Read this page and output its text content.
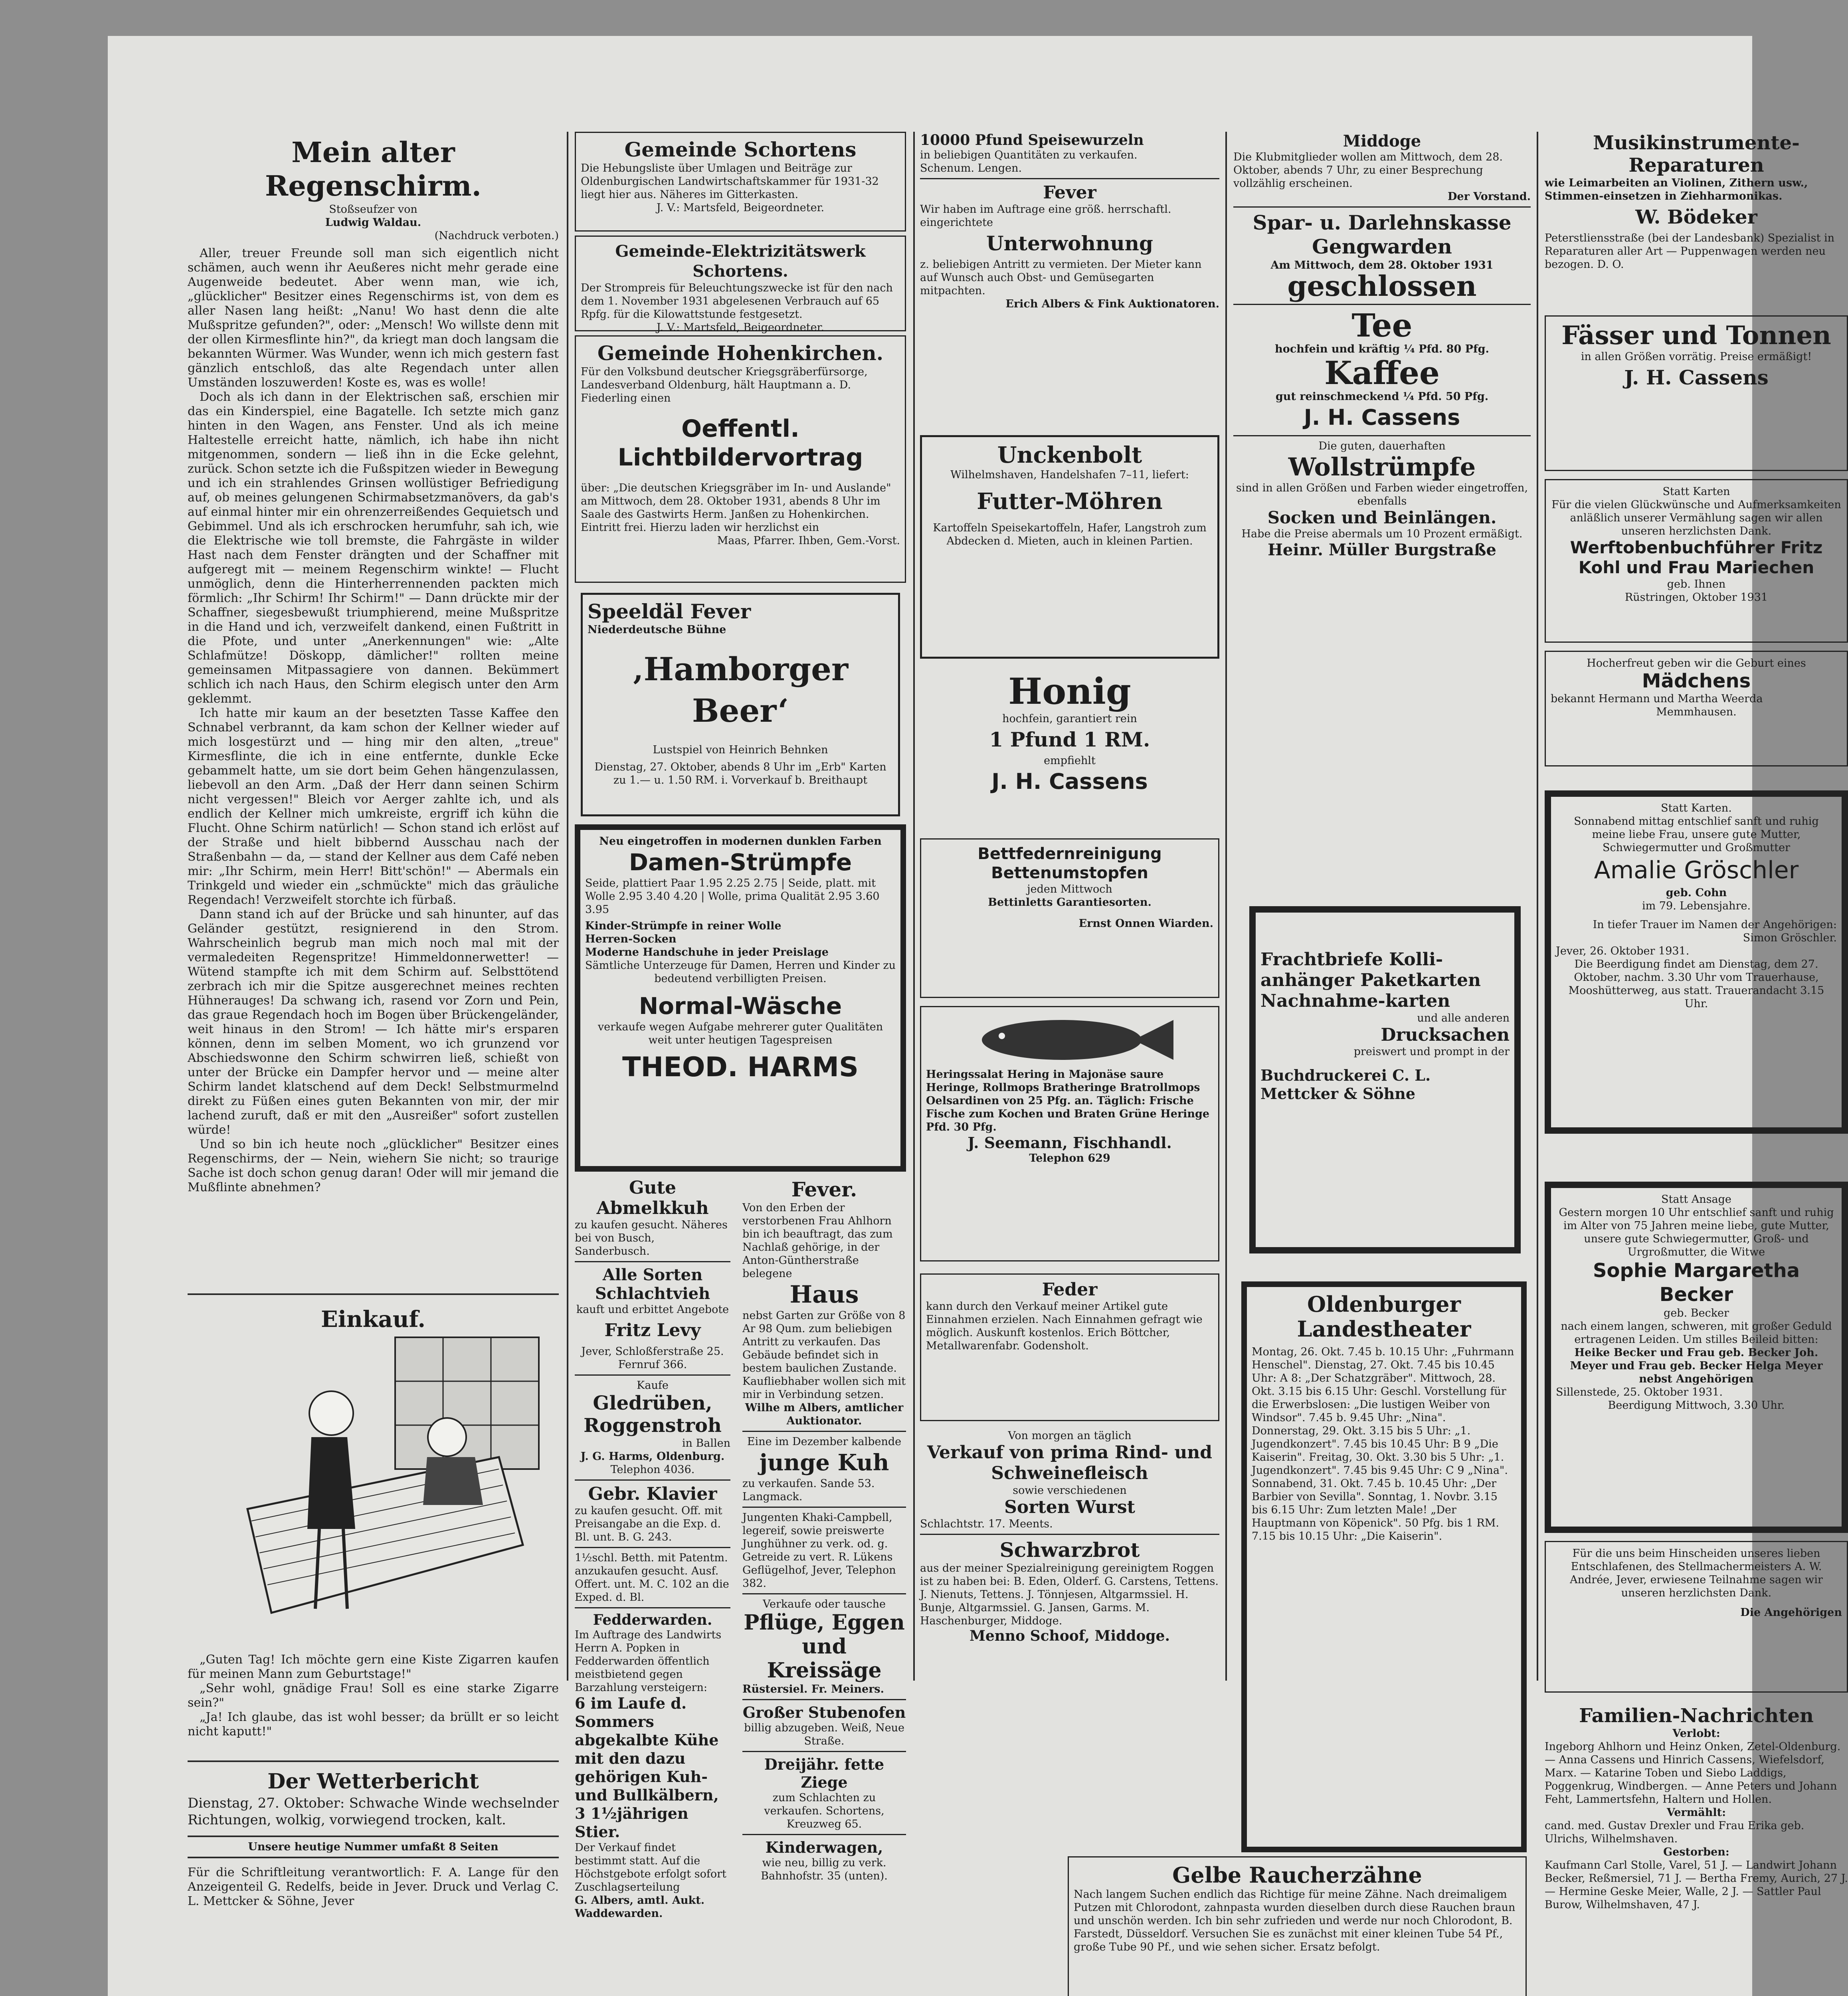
Mein alter Regenschirm.

Stoßseufzer von

Ludwig Waldau.

(Nachdruck verboten.)

Aller, treuer Freunde soll man sich eigentlich nicht schämen, auch wenn ihr Aeußeres nicht mehr gerade eine Augenweide bedeutet. Aber wenn man, wie ich, „glücklicher" Besitzer eines Regenschirms ist, von dem es aller Nasen lang heißt: „Nanu! Wo hast denn die alte Mußspritze gefunden?", oder: „Mensch! Wo willste denn mit der ollen Kirmesflinte hin?", da kriegt man doch langsam die bekannten Würmer. Was Wunder, wenn ich mich gestern fast gänzlich entschloß, das alte Regendach unter allen Umständen loszuwerden! Koste es, was es wolle!

Doch als ich dann in der Elektrischen saß, erschien mir das ein Kinderspiel, eine Bagatelle. Ich setzte mich ganz hinten in den Wagen, ans Fenster. Und als ich meine Haltestelle erreicht hatte, nämlich, ich habe ihn nicht mitgenommen, sondern — ließ ihn in die Ecke gelehnt, zurück. Schon setzte ich die Fußspitzen wieder in Bewegung und ich ein strahlendes Grinsen wollüstiger Befriedigung auf, ob meines gelungenen Schirmabsetzmanövers, da gab's auf einmal hinter mir ein ohrenzerreißendes Gequietsch und Gebimmel. Und als ich erschrocken herumfuhr, sah ich, wie die Elektrische wie toll bremste, die Fahrgäste in wilder Hast nach dem Fenster drängten und der Schaffner mit aufgeregt mit — meinem Regenschirm winkte! — Flucht unmöglich, denn die Hinterherrennenden packten mich förmlich: „Ihr Schirm! Ihr Schirm!" — Dann drückte mir der Schaffner, siegesbewußt triumphierend, meine Mußspritze in die Hand und ich, verzweifelt dankend, einen Fußtritt in die Pfote, und unter „Anerkennungen" wie: „Alte Schlafmütze! Döskopp, dämlicher!" rollten meine gemeinsamen Mitpassagiere von dannen. Bekümmert schlich ich nach Haus, den Schirm elegisch unter den Arm geklemmt.

Ich hatte mir kaum an der besetzten Tasse Kaffee den Schnabel verbrannt, da kam schon der Kellner wieder auf mich losgestürzt und — hing mir den alten, „treue" Kirmesflinte, die ich in eine entfernte, dunkle Ecke gebammelt hatte, um sie dort beim Gehen hängenzulassen, liebevoll an den Arm. „Daß der Herr dann seinen Schirm nicht vergessen!" Bleich vor Aerger zahlte ich, und als endlich der Kellner mich umkreiste, ergriff ich kühn die Flucht. Ohne Schirm natürlich! — Schon stand ich erlöst auf der Straße und hielt bibbernd Ausschau nach der Straßenbahn — da, — stand der Kellner aus dem Café neben mir: „Ihr Schirm, mein Herr! Bitt'schön!" — Abermals ein Trinkgeld und wieder ein „schmückte" mich das gräuliche Regendach! Verzweifelt storchte ich fürbaß.

Dann stand ich auf der Brücke und sah hinunter, auf das Geländer gestützt, resignierend in den Strom. Wahrscheinlich begrub man mich noch mal mit der vermaledeiten Regenspritze! Himmeldonnerwetter! — Wütend stampfte ich mit dem Schirm auf. Selbsttötend zerbrach ich mir die Spitze ausgerechnet meines rechten Hühnerauges! Da schwang ich, rasend vor Zorn und Pein, das graue Regendach hoch im Bogen über Brückengeländer, weit hinaus in den Strom! — Ich hätte mir's ersparen können, denn im selben Moment, wo ich grunzend vor Abschiedswonne den Schirm schwirren ließ, schießt von unter der Brücke ein Dampfer hervor und — meine alter Schirm landet klatschend auf dem Deck! Selbstmurmelnd direkt zu Füßen eines guten Bekannten von mir, der mir lachend zuruft, daß er mit den „Ausreißer" sofort zustellen würde!

Und so bin ich heute noch „glücklicher" Besitzer eines Regenschirms, der — Nein, wiehern Sie nicht; so traurige Sache ist doch schon genug daran! Oder will mir jemand die Mußflinte abnehmen?

Einkauf.

„Guten Tag! Ich möchte gern eine Kiste Zigarren kaufen für meinen Mann zum Geburtstage!"

„Sehr wohl, gnädige Frau! Soll es eine starke Zigarre sein?"

„Ja! Ich glaube, das ist wohl besser; da brüllt er so leicht nicht kaputt!"

Der Wetterbericht

Dienstag, 27. Oktober: Schwache Winde wechselnder Richtungen, wolkig, vorwiegend trocken, kalt.

Unsere heutige Nummer umfaßt 8 Seiten

Für die Schriftleitung verantwortlich: F. A. Lange für den Anzeigenteil G. Redelfs, beide in Jever. Druck und Verlag C. L. Mettcker & Söhne, Jever

Gemeinde Schortens

Die Hebungsliste über Umlagen und Beiträge zur Oldenburgischen Landwirtschaftskammer für 1931-32 liegt hier aus. Näheres im Gitterkasten.

J. V.: Martsfeld, Beigeordneter.

Gemeinde-Elektrizitätswerk Schortens.

Der Strompreis für Beleuchtungszwecke ist für den nach dem 1. November 1931 abgelesenen Verbrauch auf 65 Rpfg. für die Kilowattstunde festgesetzt.

J. V.: Martsfeld, Beigeordneter.

Gemeinde Hohenkirchen.

Für den Volksbund deutscher Kriegsgräberfürsorge, Landesverband Oldenburg, hält Hauptmann a. D. Fiederling einen

Oeffentl. Lichtbildervortrag

über: „Die deutschen Kriegsgräber im In- und Auslande" am Mittwoch, dem 28. Oktober 1931, abends 8 Uhr im Saale des Gastwirts Herm. Janßen zu Hohenkirchen. Eintritt frei. Hierzu laden wir herzlichst ein

Maas, Pfarrer. Ihben, Gem.-Vorst.

Speeldäl Fever

Niederdeutsche Bühne

‚Hamborger Beer‘

Lustspiel von Heinrich Behnken

Dienstag, 27. Oktober, abends 8 Uhr im „Erb" Karten zu 1.— u. 1.50 RM. i. Vorverkauf b. Breithaupt

Neu eingetroffen in modernen dunklen Farben

Damen-Strümpfe

Seide, plattiert Paar 1.95 2.25 2.75 | Seide, platt. mit Wolle 2.95 3.40 4.20 | Wolle, prima Qualität 2.95 3.60 3.95

Kinder-Strümpfe in reiner Wolle
Herren-Socken
Moderne Handschuhe in jeder Preislage

Sämtliche Unterzeuge für Damen, Herren und Kinder zu bedeutend verbilligten Preisen.

Normal-Wäsche

verkaufe wegen Aufgabe mehrerer guter Qualitäten weit unter heutigen Tagespreisen

THEOD. HARMS

Gute Abmelkkuh

zu kaufen gesucht. Näheres bei von Busch, Sanderbusch.

Alle Sorten Schlachtvieh

kauft und erbittet Angebote

Fritz Levy

Jever, Schloßferstraße 25. Fernruf 366.

Kaufe

Gledrüben, Roggenstroh

in Ballen

J. G. Harms, Oldenburg.

Telephon 4036.

Gebr. Klavier

zu kaufen gesucht. Off. mit Preisangabe an die Exp. d. Bl. unt. B. G. 243.

1½schl. Betth. mit Patentm. anzukaufen gesucht. Ausf. Offert. unt. M. C. 102 an die Exped. d. Bl.

Fedderwarden.

Im Auftrage des Landwirts Herrn A. Popken in Fedderwarden öffentlich meistbietend gegen Barzahlung versteigern:

6 im Laufe d. Sommers abgekalbte Kühe mit den dazu gehörigen Kuh- und Bullkälbern, 3 1½jährigen Stier.

Der Verkauf findet bestimmt statt. Auf die Höchstgebote erfolgt sofort Zuschlagserteilung

G. Albers, amtl. Aukt. Waddewarden.

Fever.

Von den Erben der verstorbenen Frau Ahlhorn bin ich beauftragt, das zum Nachlaß gehörige, in der Anton-Güntherstraße belegene

Haus

nebst Garten zur Größe von 8 Ar 98 Qum. zum beliebigen Antritt zu verkaufen. Das Gebäude befindet sich in bestem baulichen Zustande. Kaufliebhaber wollen sich mit mir in Verbindung setzen.

Wilhe m Albers, amtlicher Auktionator.

Eine im Dezember kalbende

junge Kuh

zu verkaufen. Sande 53. Langmack.

Jungenten Khaki-Campbell, legereif, sowie preiswerte Junghühner zu verk. od. g. Getreide zu vert. R. Lükens Geflügelhof, Jever, Telephon 382.

Verkaufe oder tausche

Pflüge, Eggen und Kreissäge

Rüstersiel. Fr. Meiners.

Großer Stubenofen

billig abzugeben. Weiß, Neue Straße.

Dreijähr. fette Ziege

zum Schlachten zu verkaufen. Schortens, Kreuzweg 65.

Kinderwagen,

wie neu, billig zu verk. Bahnhofstr. 35 (unten).

10000 Pfund Speisewurzeln

in beliebigen Quantitäten zu verkaufen.

Schenum. Lengen.

Fever

Wir haben im Auftrage eine größ. herrschaftl. eingerichtete

Unterwohnung

z. beliebigen Antritt zu vermieten. Der Mieter kann auf Wunsch auch Obst- und Gemüsegarten mitpachten.

Erich Albers & Fink Auktionatoren.

Unckenbolt

Wilhelmshaven, Handelshafen 7–11, liefert:

Futter-Möhren

Kartoffeln Speisekartoffeln, Hafer, Langstroh zum Abdecken d. Mieten, auch in kleinen Partien.

Honig

hochfein, garantiert rein

1 Pfund 1 RM.

empfiehlt

J. H. Cassens

Bettfedernreinigung Bettenumstopfen

jeden Mittwoch

Bettinletts Garantiesorten.

Ernst Onnen Wiarden.

Heringssalat Hering in Majonäse saure Heringe, Rollmops Bratheringe Bratrollmops Oelsardinen von 25 Pfg. an. Täglich: Frische Fische zum Kochen und Braten Grüne Heringe Pfd. 30 Pfg.

J. Seemann, Fischhandl.

Telephon 629

Feder

kann durch den Verkauf meiner Artikel gute Einnahmen erzielen. Nach Einnahmen gefragt wie möglich. Auskunft kostenlos. Erich Böttcher, Metallwarenfabr. Godensholt.

Von morgen an täglich

Verkauf von prima Rind- und Schweinefleisch

sowie verschiedenen

Sorten Wurst

Schlachtstr. 17. Meents.

Schwarzbrot

aus der meiner Spezialreinigung gereinigtem Roggen ist zu haben bei: B. Eden, Olderf. G. Carstens, Tettens. J. Nienuts, Tettens. J. Tönnjesen, Altgarmssiel. H. Bunje, Altgarmssiel. G. Jansen, Garms. M. Haschenburger, Middoge.

Menno Schoof, Middoge.

Middoge

Die Klubmitglieder wollen am Mittwoch, dem 28. Oktober, abends 7 Uhr, zu einer Besprechung vollzählig erscheinen.

Der Vorstand.

Spar- u. Darlehnskasse Gengwarden

Am Mittwoch, dem 28. Oktober 1931

geschlossen

Tee

hochfein und kräftig ¼ Pfd. 80 Pfg.

Kaffee

gut reinschmeckend ¼ Pfd. 50 Pfg.

J. H. Cassens

Die guten, dauerhaften

Wollstrümpfe

sind in allen Größen und Farben wieder eingetroffen, ebenfalls

Socken und Beinlängen.

Habe die Preise abermals um 10 Prozent ermäßigt.

Heinr. Müller Burgstraße

Frachtbriefe Kolli-anhänger Paketkarten Nachnahme-karten

und alle anderen

Drucksachen

preiswert und prompt in der

Buchdruckerei C. L. Mettcker & Söhne

Oldenburger Landestheater

Montag, 26. Okt. 7.45 b. 10.15 Uhr: „Fuhrmann Henschel". Dienstag, 27. Okt. 7.45 bis 10.45 Uhr: A 8: „Der Schatzgräber". Mittwoch, 28. Okt. 3.15 bis 6.15 Uhr: Geschl. Vorstellung für die Erwerbslosen: „Die lustigen Weiber von Windsor". 7.45 b. 9.45 Uhr: „Nina". Donnerstag, 29. Okt. 3.15 bis 5 Uhr: „1. Jugendkonzert". 7.45 bis 10.45 Uhr: B 9 „Die Kaiserin". Freitag, 30. Okt. 3.30 bis 5 Uhr: „1. Jugendkonzert". 7.45 bis 9.45 Uhr: C 9 „Nina". Sonnabend, 31. Okt. 7.45 b. 10.45 Uhr: „Der Barbier von Sevilla". Sonntag, 1. Novbr. 3.15 bis 6.15 Uhr: Zum letzten Male! „Der Hauptmann von Köpenick". 50 Pfg. bis 1 RM. 7.15 bis 10.15 Uhr: „Die Kaiserin".

Musikinstrumente-Reparaturen

wie Leimarbeiten an Violinen, Zithern usw., Stimmen-einsetzen in Ziehharmonikas.

W. Bödeker

Peterstliensstraße (bei der Landesbank) Spezialist in Reparaturen aller Art — Puppenwagen werden neu bezogen. D. O.

Fässer und Tonnen

in allen Größen vorrätig. Preise ermäßigt!

J. H. Cassens

Statt Karten

Für die vielen Glückwünsche und Aufmerksamkeiten anläßlich unserer Vermählung sagen wir allen unseren herzlichsten Dank.

Werftobenbuchführer Fritz Kohl und Frau Mariechen

geb. Ihnen

Rüstringen, Oktober 1931

Hocherfreut geben wir die Geburt eines

Mädchens

bekannt Hermann und Martha Weerda

Memmhausen.

Statt Karten.

Sonnabend mittag entschlief sanft und ruhig meine liebe Frau, unsere gute Mutter, Schwiegermutter und Großmutter

Amalie Gröschler

geb. Cohn

im 79. Lebensjahre.

In tiefer Trauer im Namen der Angehörigen: Simon Gröschler.

Jever, 26. Oktober 1931.

Die Beerdigung findet am Dienstag, dem 27. Oktober, nachm. 3.30 Uhr vom Trauerhause, Mooshütterweg, aus statt. Trauerandacht 3.15 Uhr.

Statt Ansage

Gestern morgen 10 Uhr entschlief sanft und ruhig im Alter von 75 Jahren meine liebe, gute Mutter, unsere gute Schwiegermutter, Groß- und Urgroßmutter, die Witwe

Sophie Margaretha Becker

geb. Becker

nach einem langen, schweren, mit großer Geduld ertragenen Leiden. Um stilles Beileid bitten:

Heike Becker und Frau geb. Becker Joh. Meyer und Frau geb. Becker Helga Meyer nebst Angehörigen

Sillenstede, 25. Oktober 1931.

Beerdigung Mittwoch, 3.30 Uhr.

Für die uns beim Hinscheiden unseres lieben Entschlafenen, des Stellmachermeisters A. W. Andrée, Jever, erwiesene Teilnahme sagen wir unseren herzlichsten Dank.

Die Angehörigen

Familien-Nachrichten

Verlobt:

Ingeborg Ahlhorn und Heinz Onken, Zetel-Oldenburg. — Anna Cassens und Hinrich Cassens, Wiefelsdorf, Marx. — Katarine Toben und Siebo Laddigs, Poggenkrug, Windbergen. — Anne Peters und Johann Feht, Lammertsfehn, Haltern und Hollen.

Vermählt:

cand. med. Gustav Drexler und Frau Erika geb. Ulrichs, Wilhelmshaven.

Gestorben:

Kaufmann Carl Stolle, Varel, 51 J. — Landwirt Johann Becker, Reßmersiel, 71 J. — Bertha Fremy, Aurich, 27 J. — Hermine Geske Meier, Walle, 2 J. — Sattler Paul Burow, Wilhelmshaven, 47 J.

Gelbe Raucherzähne

Nach langem Suchen endlich das Richtige für meine Zähne. Nach dreimaligem Putzen mit Chlorodont, zahnpasta wurden dieselben durch diese Rauchen braun und unschön werden. Ich bin sehr zufrieden und werde nur noch Chlorodont, B. Farstedt, Düsseldorf. Versuchen Sie es zunächst mit einer kleinen Tube 54 Pf., große Tube 90 Pf., und wie sehen sicher. Ersatz befolgt.
